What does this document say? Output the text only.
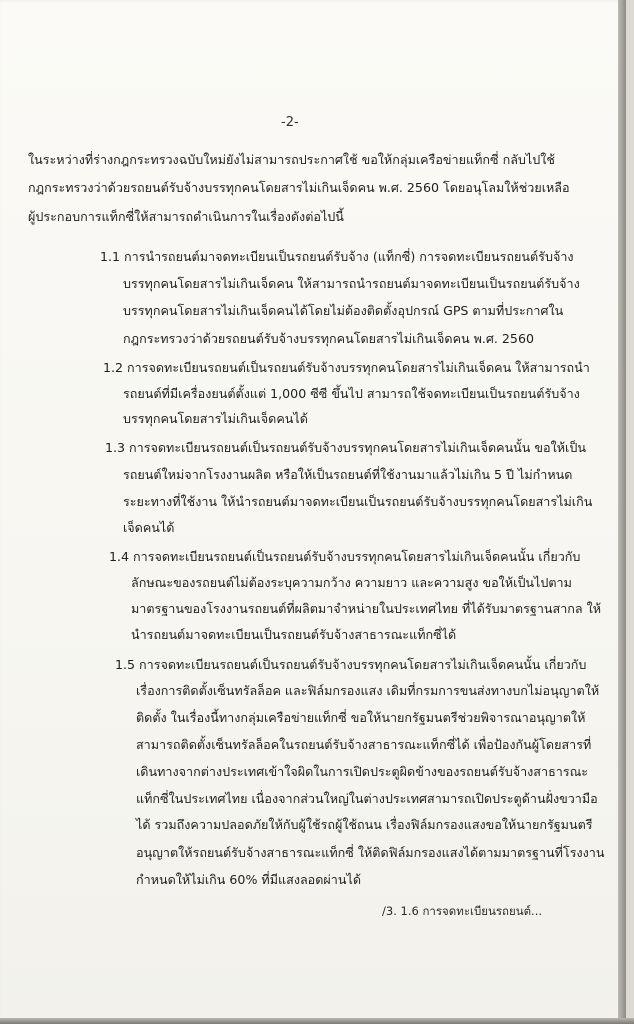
-2-

ในระหว่างที่ร่างกฎกระทรวงฉบับใหม่ยังไม่สามารถประกาศใช้ ขอให้กลุ่มเครือข่ายแท็กซี่ กลับไปใช้

กฎกระทรวงว่าด้วยรถยนต์รับจ้างบรรทุกคนโดยสารไม่เกินเจ็ดคน พ.ศ. 2560 โดยอนุโลมให้ช่วยเหลือ

ผู้ประกอบการแท็กซี่ให้สามารถดำเนินการในเรื่องดังต่อไปนี้

1.1 การนำรถยนต์มาจดทะเบียนเป็นรถยนต์รับจ้าง (แท็กซี่) การจดทะเบียนรถยนต์รับจ้าง

บรรทุกคนโดยสารไม่เกินเจ็ดคน ให้สามารถนำรถยนต์มาจดทะเบียนเป็นรถยนต์รับจ้าง

บรรทุกคนโดยสารไม่เกินเจ็ดคนได้โดยไม่ต้องติดตั้งอุปกรณ์ GPS ตามที่ประกาศใน

กฎกระทรวงว่าด้วยรถยนต์รับจ้างบรรทุกคนโดยสารไม่เกินเจ็ดคน พ.ศ. 2560

1.2 การจดทะเบียนรถยนต์เป็นรถยนต์รับจ้างบรรทุกคนโดยสารไม่เกินเจ็ดคน ให้สามารถนำ

รถยนต์ที่มีเครื่องยนต์ตั้งแต่ 1,000 ซีซี ขึ้นไป สามารถใช้จดทะเบียนเป็นรถยนต์รับจ้าง

บรรทุกคนโดยสารไม่เกินเจ็ดคนได้

1.3 การจดทะเบียนรถยนต์เป็นรถยนต์รับจ้างบรรทุกคนโดยสารไม่เกินเจ็ดคนนั้น ขอให้เป็น

รถยนต์ใหม่จากโรงงานผลิต หรือให้เป็นรถยนต์ที่ใช้งานมาแล้วไม่เกิน 5 ปี ไม่กำหนด

ระยะทางที่ใช้งาน ให้นำรถยนต์มาจดทะเบียนเป็นรถยนต์รับจ้างบรรทุกคนโดยสารไม่เกิน

เจ็ดคนได้

1.4 การจดทะเบียนรถยนต์เป็นรถยนต์รับจ้างบรรทุกคนโดยสารไม่เกินเจ็ดคนนั้น เกี่ยวกับ

ลักษณะของรถยนต์ไม่ต้องระบุความกว้าง ความยาว และความสูง ขอให้เป็นไปตาม

มาตรฐานของโรงงานรถยนต์ที่ผลิตมาจำหน่ายในประเทศไทย ที่ได้รับมาตรฐานสากล ให้

นำรถยนต์มาจดทะเบียนเป็นรถยนต์รับจ้างสาธารณะแท็กซี่ได้

1.5 การจดทะเบียนรถยนต์เป็นรถยนต์รับจ้างบรรทุกคนโดยสารไม่เกินเจ็ดคนนั้น เกี่ยวกับ

เรื่องการติดตั้งเซ็นทรัลล็อค และฟิล์มกรองแสง เดิมที่กรมการขนส่งทางบกไม่อนุญาตให้

ติดตั้ง ในเรื่องนี้ทางกลุ่มเครือข่ายแท็กซี่ ขอให้นายกรัฐมนตรีช่วยพิจารณาอนุญาตให้

สามารถติดตั้งเซ็นทรัลล็อคในรถยนต์รับจ้างสาธารณะแท็กซี่ได้ เพื่อป้องกันผู้โดยสารที่

เดินทางจากต่างประเทศเข้าใจผิดในการเปิดประตูผิดข้างของรถยนต์รับจ้างสาธารณะ

แท็กซี่ในประเทศไทย เนื่องจากส่วนใหญ่ในต่างประเทศสามารถเปิดประตูด้านฝั่งขวามือ

ได้ รวมถึงความปลอดภัยให้กับผู้ใช้รถผู้ใช้ถนน เรื่องฟิล์มกรองแสงขอให้นายกรัฐมนตรี

อนุญาตให้รถยนต์รับจ้างสาธารณะแท็กซี่ ให้ติดฟิล์มกรองแสงได้ตามมาตรฐานที่โรงงาน

กำหนดให้ไม่เกิน 60% ที่มีแสงลอดผ่านได้

/3. 1.6 การจดทะเบียนรถยนต์...
